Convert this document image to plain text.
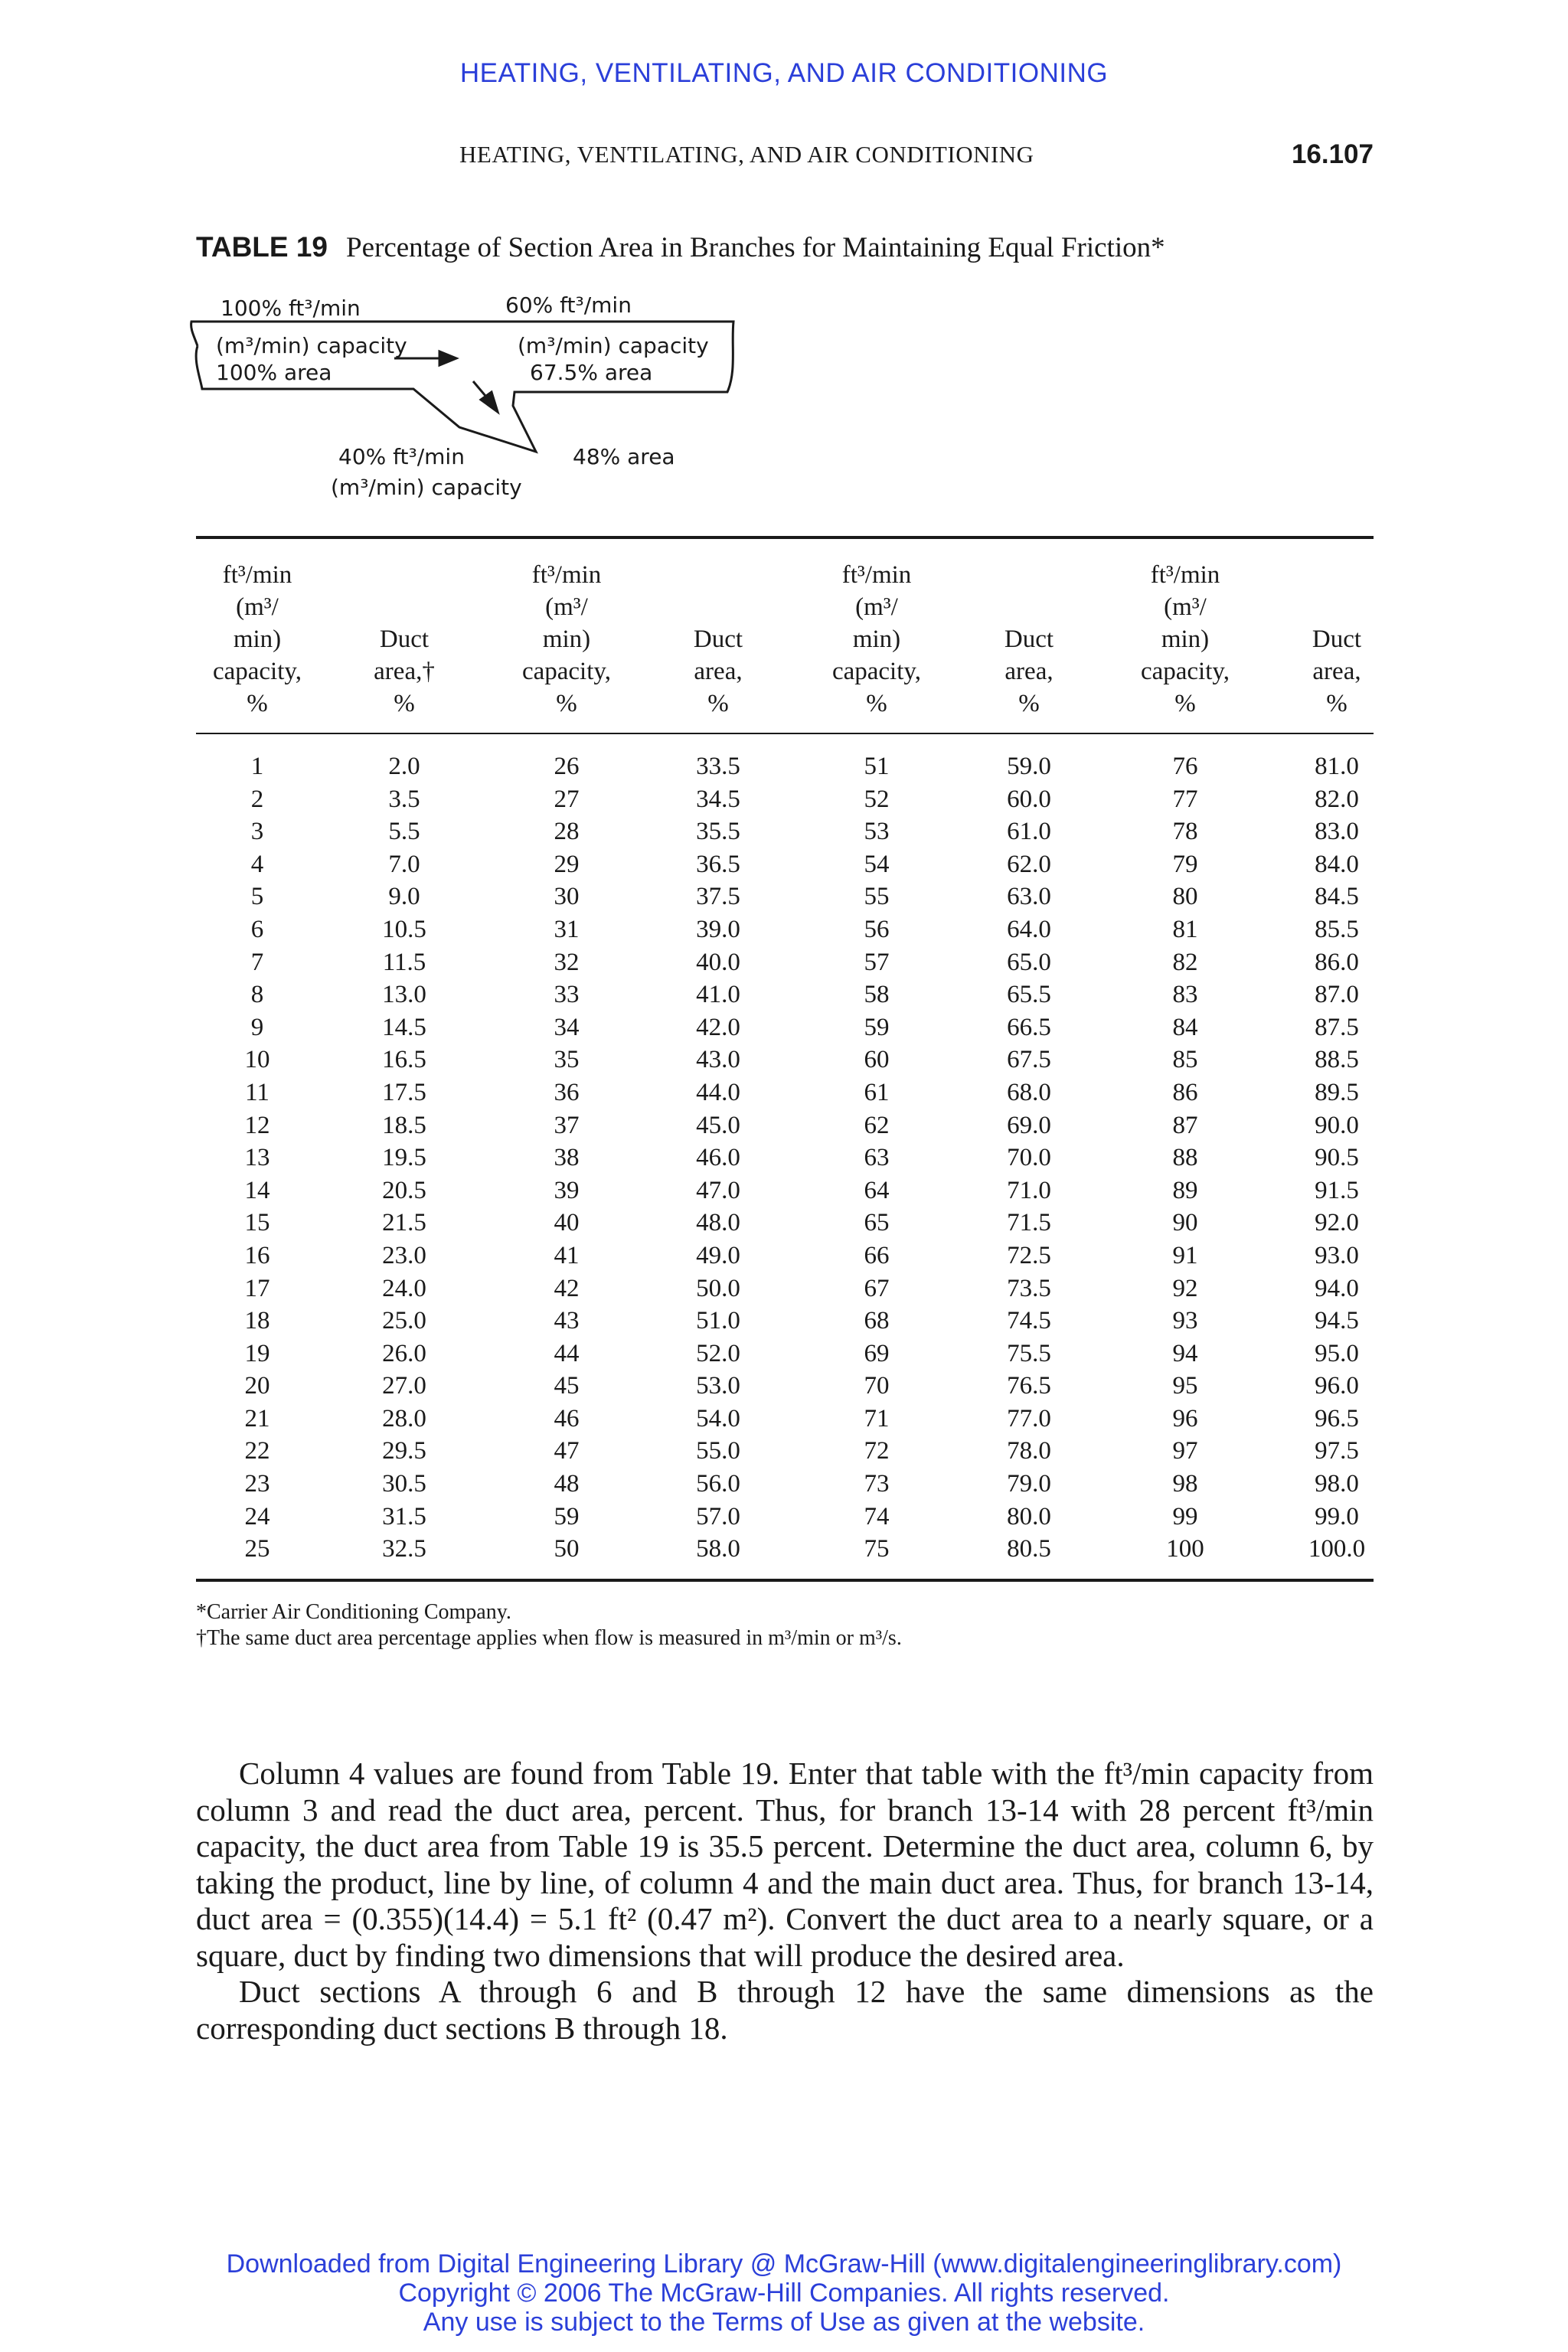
HEATING, VENTILATING, AND AIR CONDITIONING
HEATING, VENTILATING, AND AIR CONDITIONING	16.107
TABLE 19 Percentage of Section Area in Branches for Maintaining Equal Friction*
100% ft³/min
(m³/min) capacity
100% area
60% ft³/min
(m³/min) capacity
67.5% area
40% ft³/min
(m³/min) capacity
48% area
ft³/min
(m³/
min)
capacity,
%
Duct
area,†
%
ft³/min
(m³/
min)
capacity,
%
Duct
area,
%
ft³/min
(m³/
min)
capacity,
%
Duct
area,
%
ft³/min
(m³/
min)
capacity,
%
Duct
area,
%
1
2
3
4
5
6
7
8
9
10
11
12
13
14
15
16
17
18
19
20
21
22
23
24
25
2.0
3.5
5.5
7.0
9.0
10.5
11.5
13.0
14.5
16.5
17.5
18.5
19.5
20.5
21.5
23.0
24.0
25.0
26.0
27.0
28.0
29.5
30.5
31.5
32.5
26
27
28
29
30
31
32
33
34
35
36
37
38
39
40
41
42
43
44
45
46
47
48
59
50
33.5
34.5
35.5
36.5
37.5
39.0
40.0
41.0
42.0
43.0
44.0
45.0
46.0
47.0
48.0
49.0
50.0
51.0
52.0
53.0
54.0
55.0
56.0
57.0
58.0
51
52
53
54
55
56
57
58
59
60
61
62
63
64
65
66
67
68
69
70
71
72
73
74
75
59.0
60.0
61.0
62.0
63.0
64.0
65.0
65.5
66.5
67.5
68.0
69.0
70.0
71.0
71.5
72.5
73.5
74.5
75.5
76.5
77.0
78.0
79.0
80.0
80.5
76
77
78
79
80
81
82
83
84
85
86
87
88
89
90
91
92
93
94
95
96
97
98
99
100
81.0
82.0
83.0
84.0
84.5
85.5
86.0
87.0
87.5
88.5
89.5
90.0
90.5
91.5
92.0
93.0
94.0
94.5
95.0
96.0
96.5
97.5
98.0
99.0
100.0
*Carrier Air Conditioning Company.
†The same duct area percentage applies when flow is measured in m³/min or m³/s.

Column 4 values are found from Table 19. Enter that table with the ft³/min capacity from column 3 and read the duct area, percent. Thus, for branch 13-14 with 28 percent ft³/min capacity, the duct area from Table 19 is 35.5 percent. Determine the duct area, column 6, by taking the product, line by line, of column 4 and the main duct area. Thus, for branch 13-14, duct area = (0.355)(14.4) = 5.1 ft² (0.47 m²). Convert the duct area to a nearly square, or a square, duct by finding two dimensions that will produce the desired area.

Duct sections A through 6 and B through 12 have the same dimensions as the corresponding duct sections B through 18.

Downloaded from Digital Engineering Library @ McGraw-Hill (www.digitalengineeringlibrary.com)
Copyright © 2006 The McGraw-Hill Companies. All rights reserved.
Any use is subject to the Terms of Use as given at the website.
